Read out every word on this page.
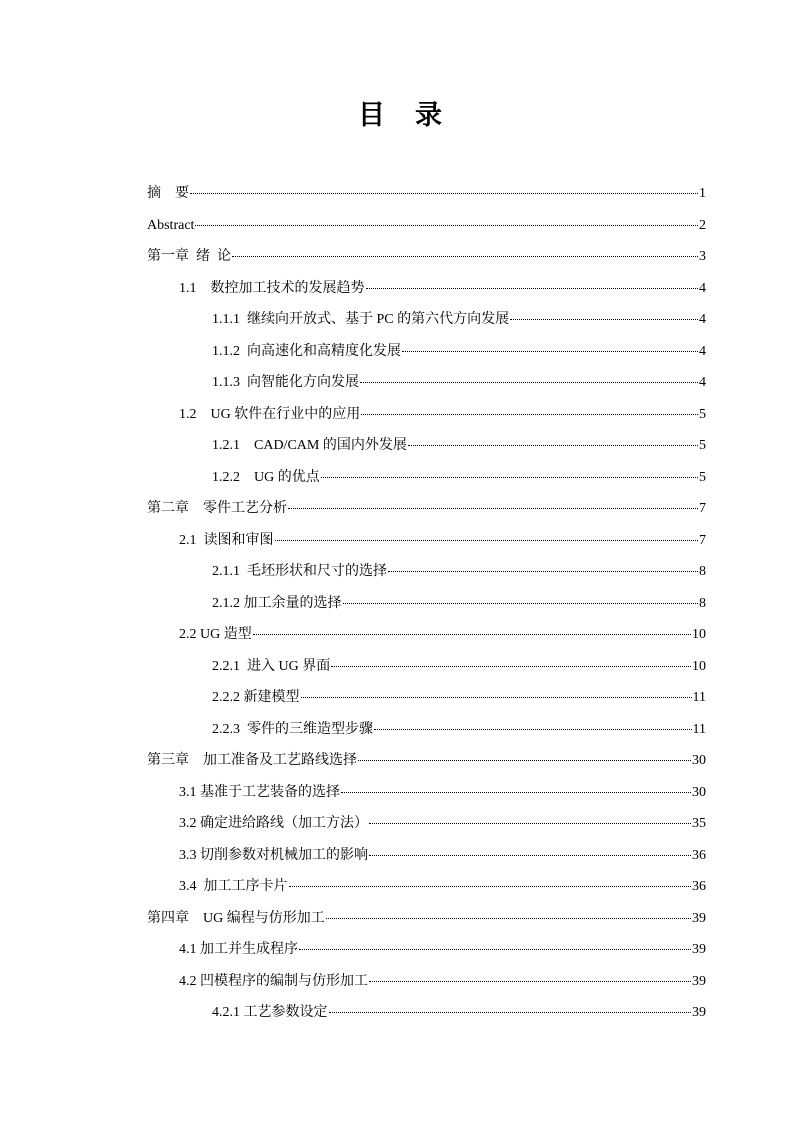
目 录
摘　要	1
Abstract	2
第一章  绪  论	3
1.1    数控加工技术的发展趋势	4
1.1.1  继续向开放式、基于 PC 的第六代方向发展	4
1.1.2  向高速化和高精度化发展	4
1.1.3  向智能化方向发展	4
1.2    UG 软件在行业中的应用	5
1.2.1    CAD/CAM 的国内外发展	5
1.2.2    UG 的优点	5
第二章    零件工艺分析	7
2.1  读图和审图	7
2.1.1  毛坯形状和尺寸的选择	8
2.1.2 加工余量的选择	8
2.2 UG 造型	10
2.2.1  进入 UG 界面	10
2.2.2 新建模型	11
2.2.3  零件的三维造型步骤	11
第三章    加工准备及工艺路线选择	30
3.1 基准于工艺装备的选择	30
3.2 确定进给路线（加工方法）	35
3.3 切削参数对机械加工的影响	36
3.4  加工工序卡片	36
第四章    UG 编程与仿形加工	39
4.1 加工并生成程序	39
4.2 凹模程序的编制与仿形加工	39
4.2.1 工艺参数设定	39
